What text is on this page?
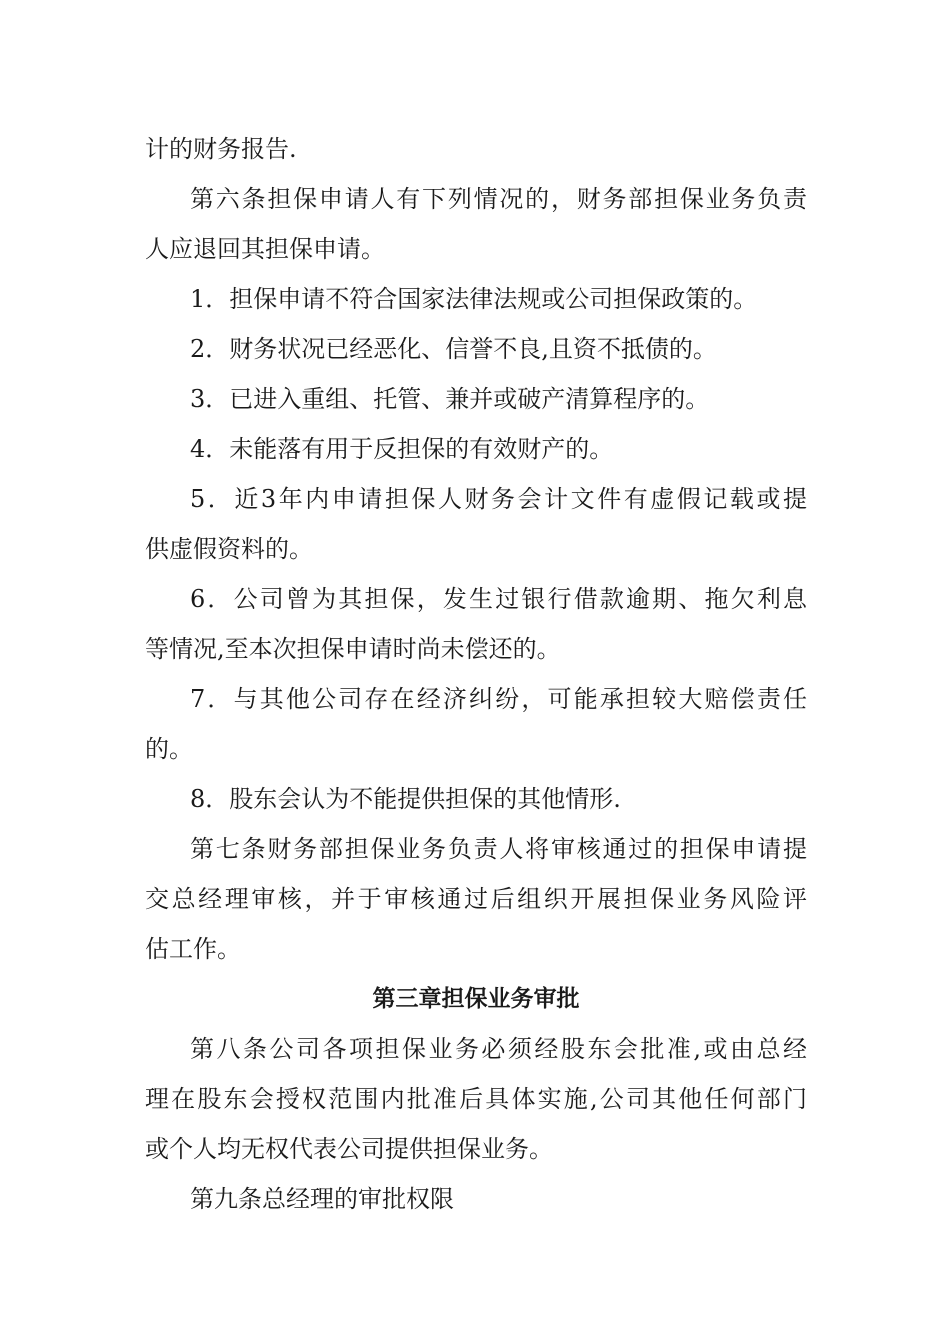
计的财务报告.
第六条担保申请人有下列情况的，财务部担保业务负责
人应退回其担保申请。
1．担保申请不符合国家法律法规或公司担保政策的。
2．财务状况已经恶化、信誉不良,且资不抵债的。
3．已进入重组、托管、兼并或破产清算程序的。
4．未能落有用于反担保的有效财产的。
5．近3年内申请担保人财务会计文件有虚假记载或提
供虚假资料的。
6．公司曾为其担保，发生过银行借款逾期、拖欠利息
等情况,至本次担保申请时尚未偿还的。
7．与其他公司存在经济纠纷，可能承担较大赔偿责任
的。
8．股东会认为不能提供担保的其他情形.
第七条财务部担保业务负责人将审核通过的担保申请提
交总经理审核，并于审核通过后组织开展担保业务风险评
估工作。
第三章担保业务审批
第八条公司各项担保业务必须经股东会批准,或由总经
理在股东会授权范围内批准后具体实施,公司其他任何部门
或个人均无权代表公司提供担保业务。
第九条总经理的审批权限
